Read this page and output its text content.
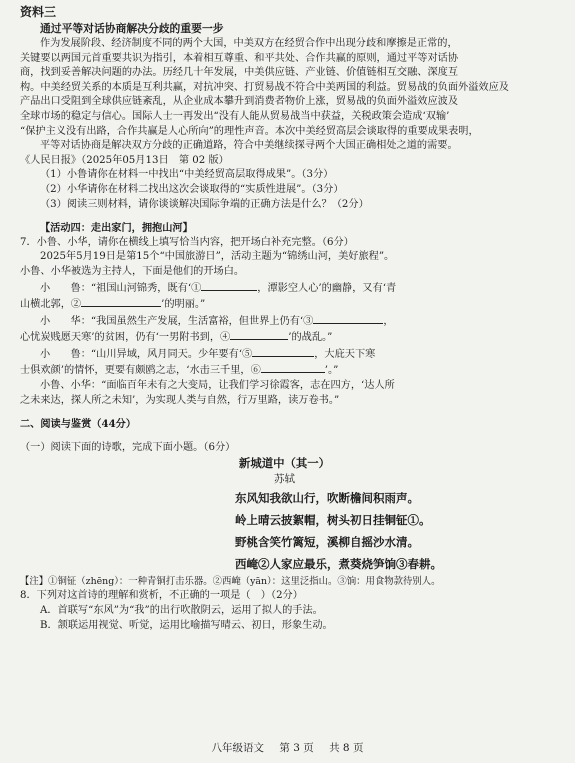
资料三
通过平等对话协商解决分歧的重要一步
作为发展阶段、经济制度不同的两个大国，中美双方在经贸合作中出现分歧和摩擦是正常的，
关键要以两国元首重要共识为指引，本着相互尊重、和平共处、合作共赢的原则，通过平等对话协
商，找到妥善解决问题的办法。历经几十年发展，中美供应链、产业链、价值链相互交融、深度互
构。中美经贸关系的本质是互利共赢，对抗冲突、打贸易战不符合中美两国的利益。贸易战的负面外溢效应及
产品出口受阻到全球供应链紊乱，从企业成本攀升到消费者物价上涨，贸易战的负面外溢效应波及
全球市场的稳定与信心。国际人士一再发出“没有人能从贸易战当中获益，关税政策会造成‘双输’
“保护主义没有出路，合作共赢是人心所向”的理性声音。本次中美经贸高层会谈取得的重要成果表明，
平等对话协商是解决双方分歧的正确道路，符合中美继续探寻两个大国正确相处之道的需要。
《人民日报》（2025年05月13日　第 02 版）
（1）小鲁请你在材料一中找出“中美经贸高层取得成果”。（3分）
（2）小华请你在材料二找出这次会谈取得的“实质性进展”。（3分）
（3）阅读三则材料，请你谈谈解决国际争端的正确方法是什么？（2分）
【活动四：走出家门，拥抱山河】
7．小鲁、小华，请你在横线上填写恰当内容，把开场白补充完整。（6分）
2025年5月19日是第15个“中国旅游日”，活动主题为“锦绣山河，美好旅程”。
小鲁、小华被选为主持人，下面是他们的开场白。
小　　鲁：“祖国山河锦秀，既有‘①	，潭影空人心’的幽静，又有‘青
山横北郭，②	’的明丽。”
小　　华：“我国虽然生产发展，生活富裕，但世界上仍有‘③	，
心忧炭贱愿天寒’的贫困，仍有‘一男附书到，④	’的战乱。”
小　　鲁：“山川异域，风月同天。少年要有‘⑤	，大庇天下寒
士俱欢颜’的情怀，更要有颇鸥之志，‘水击三千里，⑥	’。”
小鲁、小华：“面临百年未有之大变局，让我们学习徐霞客，志在四方，‘达人所
之未来达，探人所之未知’，为实现人类与自然，行万里路，读万卷书。”
二、阅读与鉴赏（44分）
（一）阅读下面的诗歌，完成下面小题。（6分）
新城道中（其一）
苏轼
东风知我欲山行，吹断檐间积雨声。
岭上晴云披絮帽，树头初日挂铜钲①。
野桃含笑竹篱短，溪柳自摇沙水清。
西崦②人家应最乐，煮葵烧笋饷③春耕。
【注】①铜钲（zhēng）：一种青铜打击乐器。②西崦（yān）：这里泛指山。③饷：用食物款待别人。
8．下列对这首诗的理解和赏析，不正确的一项是（　）（2分）
A．首联写“东风”为“我”的出行吹散阴云，运用了拟人的手法。
B．颔联运用视觉、听觉，运用比喻描写晴云、初日，形象生动。
八年级语文 第 3 页 共 8 页
